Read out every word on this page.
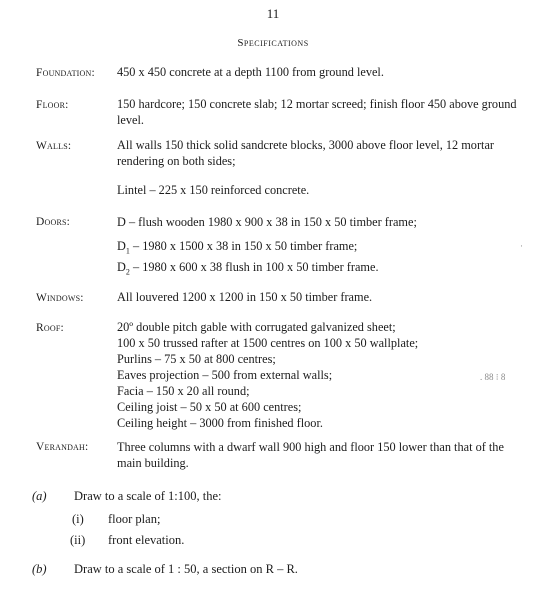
11
Specifications
Foundation: 450 x 450 concrete at a depth 1100 from ground level.
Floor:	150 hardcore; 150 concrete slab; 12 mortar screed; finish floor 450 above ground level.
Walls:	All walls 150 thick solid sandcrete blocks, 3000 above floor level, 12 mortar rendering on both sides;
Lintel – 225 x 150 reinforced concrete.
Doors:	D – flush wooden 1980 x 900 x 38 in 150 x 50 timber frame;
$D_1 - 1980$ x 1500 x 38 in 150 x 50 timber frame;
$D_2 - 1980$ x 600 x 38 flush in 100 x 50 timber frame.
Windows:	All louvered 1200 x 1200 in 150 x 50 timber frame.
Roof:	20º double pitch gable with corrugated galvanized sheet;
100 x 50 trussed rafter at 1500 centres on 100 x 50 wallplate;
Purlins – 75 x 50 at 800 centres;
Eaves projection – 500 from external walls;
Facia – 150 x 20 all round;
Ceiling joist – 50 x 50 at 600 centres;
Ceiling height – 3000 from finished floor.
Verandah: Three columns with a dwarf wall 900 high and floor 150 lower than that of the main building.
(a) Draw to a scale of 1:100, the:
(i) floor plan;
(ii) front elevation.
(b) Draw to a scale of 1 : 50, a section on R – R.
·
. 88 ⁝ 8
